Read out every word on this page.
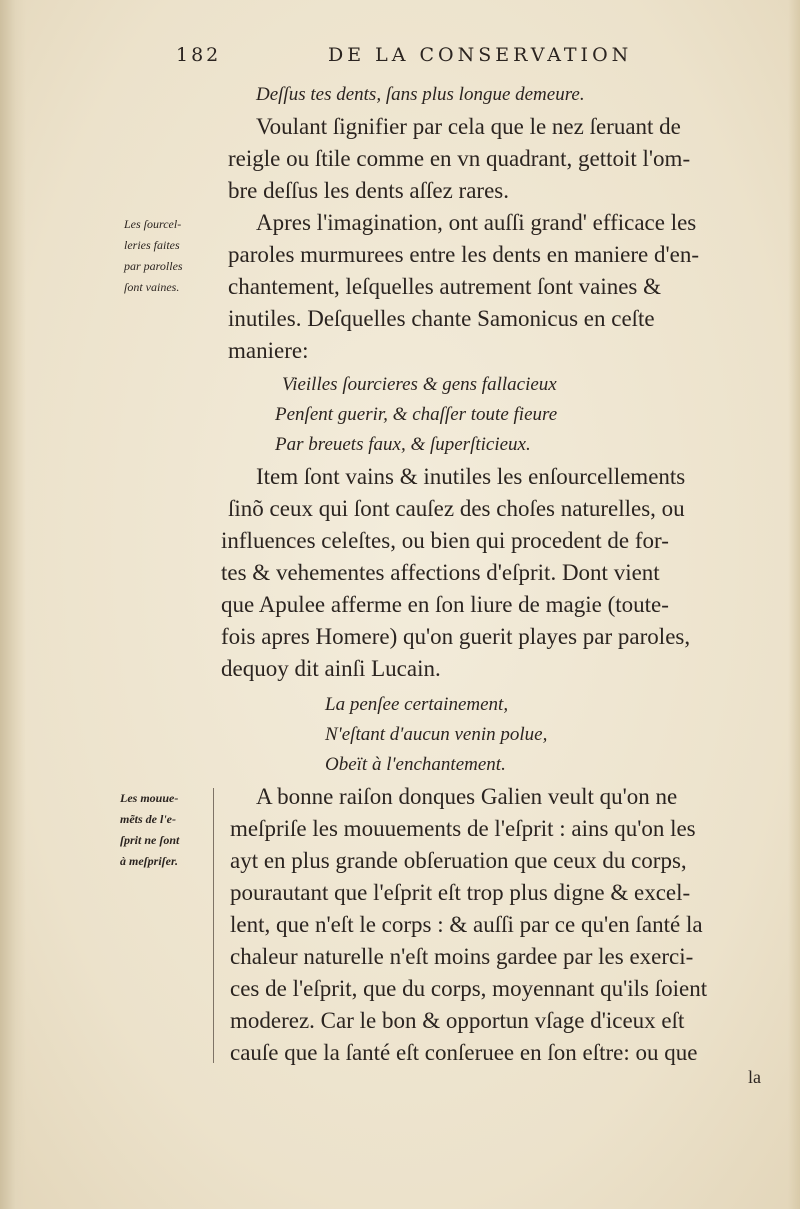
182	DE LA CONSERVATION
Les ſourcel-
leries faites
par parolles
ſont vaines.
Les mouue-
mẽts de l'e-
ſprit ne ſont
à meſpriſer.
Deſſus tes dents, ſans plus longue demeure.
Voulant ſignifier par cela que le nez ſeruant de
reigle ou ſtile comme en vn quadrant, gettoit l'om-
bre deſſus les dents aſſez rares.
Apres l'imagination, ont auſſi grand' efficace les
paroles murmurees entre les dents en maniere d'en-
chantement, leſquelles autrement ſont vaines &
inutiles. Deſquelles chante Samonicus en ceſte
maniere:
Vieilles ſourcieres & gens fallacieux
Penſent guerir, & chaſſer toute fieure
Par breuets faux, & ſuperſticieux.
Item ſont vains & inutiles les enſourcellements
ſinõ ceux qui ſont cauſez des choſes naturelles, ou
influences celeſtes, ou bien qui procedent de for-
tes & vehementes affections d'eſprit. Dont vient
que Apulee afferme en ſon liure de magie (toute-
fois apres Homere) qu'on guerit playes par paroles,
dequoy dit ainſi Lucain.
La penſee certainement,
N'eſtant d'aucun venin polue,
Obeït à l'enchantement.
A bonne raiſon donques Galien veult qu'on ne
meſpriſe les mouuements de l'eſprit : ains qu'on les
ayt en plus grande obſeruation que ceux du corps,
pourautant que l'eſprit eſt trop plus digne & excel-
lent, que n'eſt le corps : & auſſi par ce qu'en ſanté la
chaleur naturelle n'eſt moins gardee par les exerci-
ces de l'eſprit, que du corps, moyennant qu'ils ſoient
moderez. Car le bon & opportun vſage d'iceux eſt
cauſe que la ſanté eſt conſeruee en ſon eſtre: ou que
la
